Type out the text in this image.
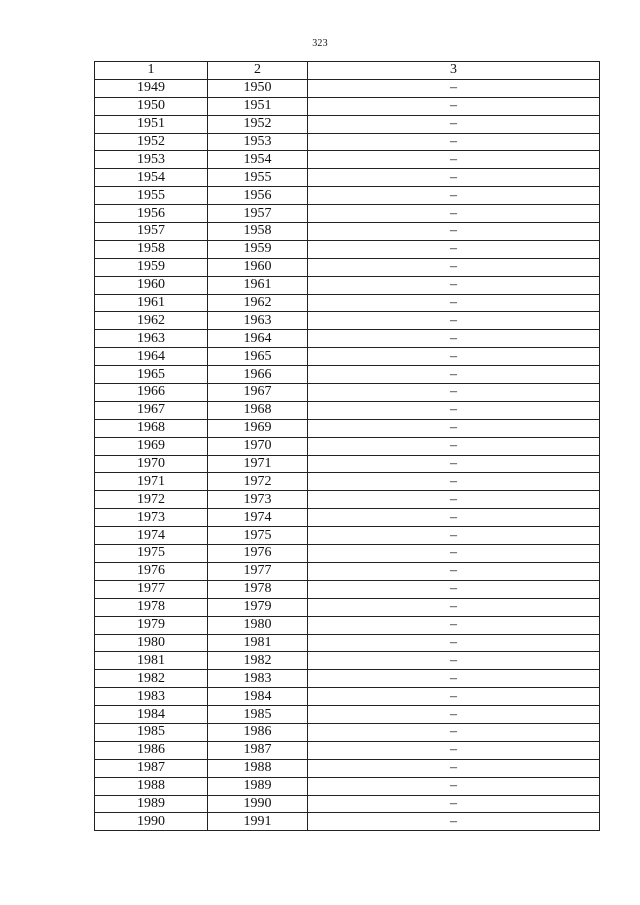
323
1	2	3
1949	1950	–
1950	1951	–
1951	1952	–
1952	1953	–
1953	1954	–
1954	1955	–
1955	1956	–
1956	1957	–
1957	1958	–
1958	1959	–
1959	1960	–
1960	1961	–
1961	1962	–
1962	1963	–
1963	1964	–
1964	1965	–
1965	1966	–
1966	1967	–
1967	1968	–
1968	1969	–
1969	1970	–
1970	1971	–
1971	1972	–
1972	1973	–
1973	1974	–
1974	1975	–
1975	1976	–
1976	1977	–
1977	1978	–
1978	1979	–
1979	1980	–
1980	1981	–
1981	1982	–
1982	1983	–
1983	1984	–
1984	1985	–
1985	1986	–
1986	1987	–
1987	1988	–
1988	1989	–
1989	1990	–
1990	1991	–
